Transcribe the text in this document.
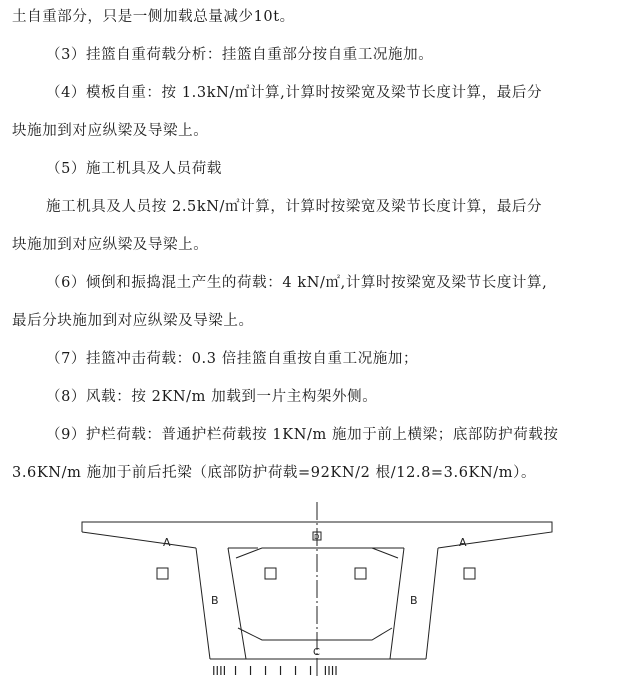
土自重部分，只是一侧加载总量减少10t。
（3）挂篮自重荷载分析：挂篮自重部分按自重工况施加。
（4）模板自重：按 1.3kN/㎡计算,计算时按梁宽及梁节长度计算，最后分
块施加到对应纵梁及导梁上。
（5）施工机具及人员荷载
施工机具及人员按 2.5kN/㎡计算，计算时按梁宽及梁节长度计算，最后分
块施加到对应纵梁及导梁上。
（6）倾倒和振捣混土产生的荷载：4 kN/㎡,计算时按梁宽及梁节长度计算,
最后分块施加到对应纵梁及导梁上。
（7）挂篮冲击荷载：0.3 倍挂篮自重按自重工况施加；
（8）风载：按 2KN/m 加载到一片主构架外侧。
（9）护栏荷载：普通护栏荷载按 1KN/m 施加于前上横梁；底部防护荷载按
3.6KN/m 施加于前后托梁（底部防护荷载=92KN/2 根/12.8=3.6KN/m）。
A	A
B	B
C
D
IIII  I   I   I   I   I   I   IIII
